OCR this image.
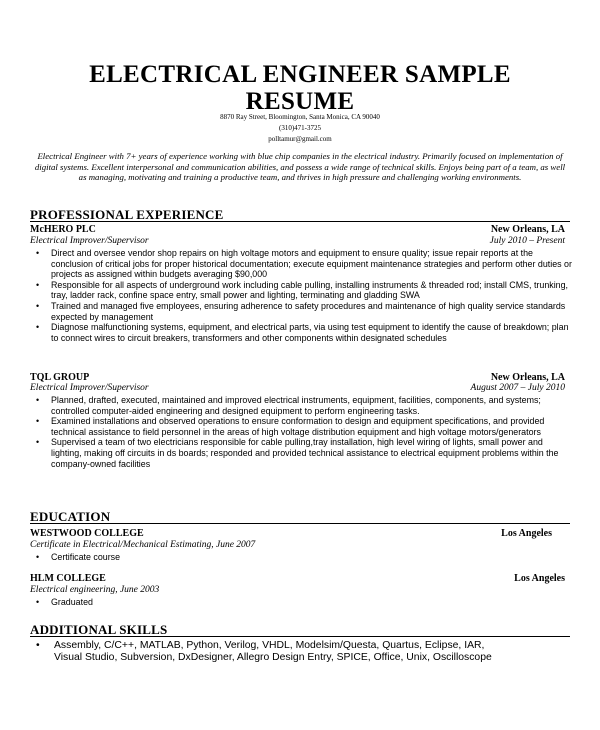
ELECTRICAL ENGINEER SAMPLE
RESUME
8870 Ray Street, Bloomington, Santa Monica, CA 90040
(310)471-3725
polltamur@gmail.com
Electrical Engineer with 7+ years of experience working with blue chip companies in the electrical industry. Primarily focused on implementation of digital systems. Excellent interpersonal and communication abilities, and possess a wide range of technical skills. Enjoys being part of a team, as well as managing, motivating and training a productive team, and thrives in high pressure and challenging working environments.
PROFESSIONAL EXPERIENCE
McHERO PLC	New Orleans, LA
Electrical Improver/Supervisor	July 2010 – Present
• Direct and oversee vendor shop repairs on high voltage motors and equipment to ensure quality; issue repair reports at the conclusion of critical jobs for proper historical documentation; execute equipment maintenance strategies and perform other duties or projects as assigned within budgets averaging $90,000
• Responsible for all aspects of underground work including cable pulling, installing instruments & threaded rod; install CMS, trunking, tray, ladder rack, confine space entry, small power and lighting, terminating and gladding SWA
• Trained and managed five employees, ensuring adherence to safety procedures and maintenance of high quality service standards expected by management
• Diagnose malfunctioning systems, equipment, and electrical parts, via using test equipment to identify the cause of breakdown; plan to connect wires to circuit breakers, transformers and other components within designated schedules
TQL GROUP	New Orleans, LA
Electrical Improver/Supervisor	August 2007 – July 2010
• Planned, drafted, executed, maintained and improved electrical instruments, equipment, facilities, components, and systems; controlled computer-aided engineering and designed equipment to perform engineering tasks.
• Examined installations and observed operations to ensure conformation to design and equipment specifications, and provided technical assistance to field personnel in the areas of high voltage distribution equipment and high voltage motors/generators
• Supervised a team of two electricians responsible for cable pulling,tray installation, high level wiring of lights, small power and lighting, making off circuits in ds boards; responded and provided technical assistance to electrical equipment problems within the company-owned facilities
EDUCATION
WESTWOOD COLLEGE	Los Angeles
Certificate in Electrical/Mechanical Estimating, June 2007
• Certificate course
HLM COLLEGE	Los Angeles
Electrical engineering, June 2003
• Graduated
ADDITIONAL SKILLS
• Assembly, C/C++, MATLAB, Python, Verilog, VHDL, Modelsim/Questa, Quartus, Eclipse, IAR,
Visual Studio, Subversion, DxDesigner, Allegro Design Entry, SPICE, Office, Unix, Oscilloscope
